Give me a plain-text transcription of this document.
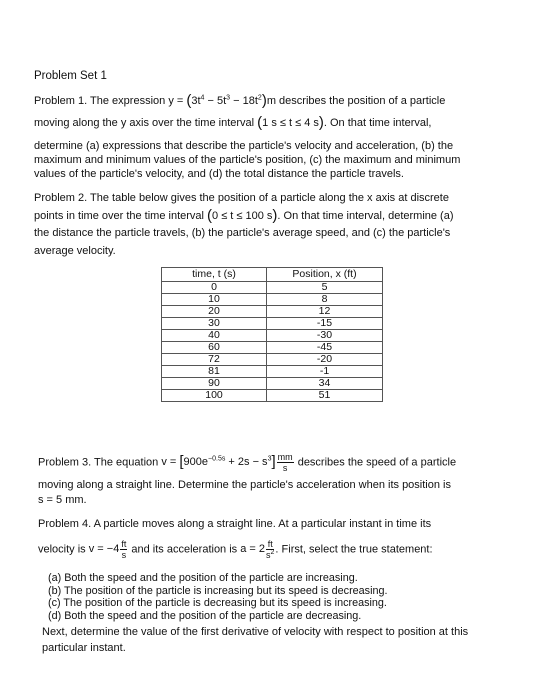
Problem Set 1
Problem 1. The expression $y = (3t^4 - 5t^3 - 18t^2)m$ describes the position of a particle
moving along the y axis over the time interval (1 s ≤ t ≤ 4 s). On that time interval,
determine (a) expressions that describe the particle's velocity and acceleration, (b) the
maximum and minimum values of the particle's position, (c) the maximum and minimum
values of the particle's velocity, and (d) the total distance the particle travels.
Problem 2. The table below gives the position of a particle along the x axis at discrete
points in time over the time interval (0 ≤ t ≤ 100 s). On that time interval, determine (a)
the distance the particle travels, (b) the particle's average speed, and (c) the particle's
average velocity.
time, t (s)	Position, x (ft)
0	5
10	8
20	12
30	-15
40	-30
60	-45
72	-20
81	-1
90	34
100	51
Problem 3. The equation $v = [900e^{-0.5s} + 2s - s^3] \frac{mm}{s}$ describes the speed of a particle
moving along a straight line. Determine the particle's acceleration when its position is
s = 5 mm.
Problem 4. A particle moves along a straight line. At a particular instant in time its
velocity is $v = -4 \frac{ft}{s}$ and its acceleration is $a = 2 \frac{ft}{s^2}$ . First, select the true statement:
(a) Both the speed and the position of the particle are increasing.
(b) The position of the particle is increasing but its speed is decreasing.
(c) The position of the particle is decreasing but its speed is increasing.
(d) Both the speed and the position of the particle are decreasing.
Next, determine the value of the first derivative of velocity with respect to position at this
particular instant.
